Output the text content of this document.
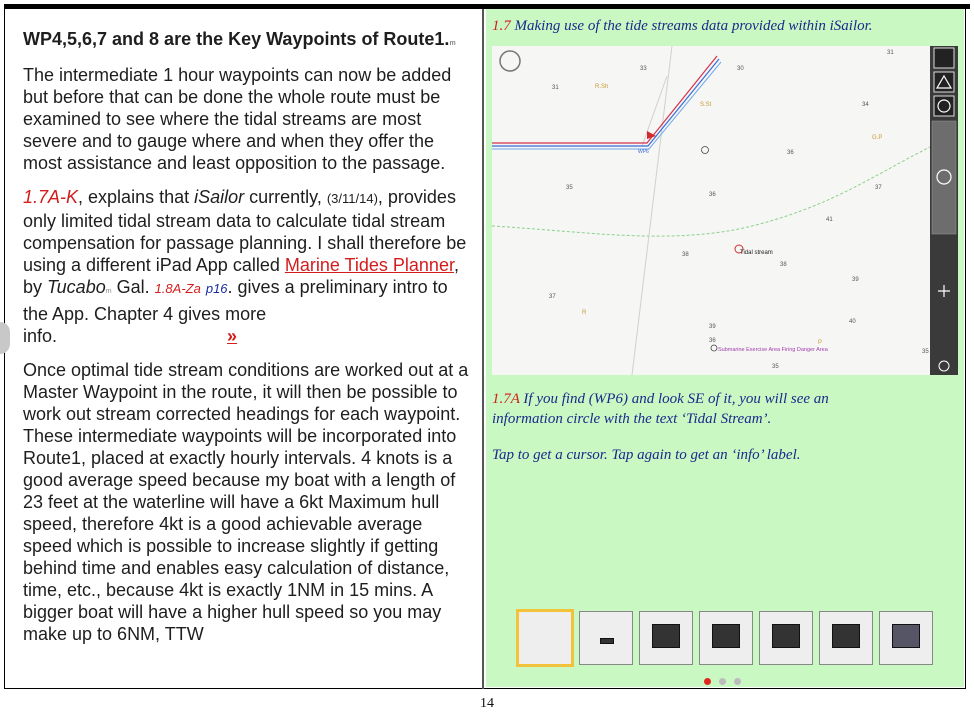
WP4,5,6,7 and 8 are the Key Waypoints of Route1.m

The intermediate 1 hour waypoints can now be added but before that can be done the whole route must be examined to see where the tidal streams are most severe and to gauge where and when they offer the most assistance and least opposition to the passage.

1.7A-K, explains that iSailor currently, (3/11/14), provides only limited tidal stream data to calculate tidal stream compensation for passage planning. I shall therefore be using a different iPad App called Marine Tides Planner, by Tucabom Gal. 1.8A-Za p16. gives a preliminary intro to the App. Chapter 4 gives more info.	»

Once optimal tide stream conditions are worked out at a Master Waypoint in the route, it will then be possible to work out stream corrected headings for each waypoint. These intermediate waypoints will be incorporated into Route1, placed at exactly hourly intervals. 4 knots is a good average speed because my boat with a length of 23 feet at the waterline will have a 6kt Maximum hull speed, therefore 4kt is a good achievable average speed which is possible to increase slightly if getting behind time and enables easy calculation of distance, time, etc., because 4kt is exactly 1NM in 15 mins. A bigger boat will have a higher hull speed so you may make up to 6NM, TTW

1.7 Making use of the tide streams data provided within iSailor.
33	30
31
34
36
35
36
37
38
38
41
39
37
39
40
35
36
35
31
R.Sh
S.St
G.P
WP6
Tidal stream
R
P
Submarine Exercise Area Firing Danger Area
1.7A If you find (WP6) and look SE of it, you will see an information circle with the text ‘Tidal Stream’.
Tap to get a cursor. Tap again to get an ‘info’ label.
14
